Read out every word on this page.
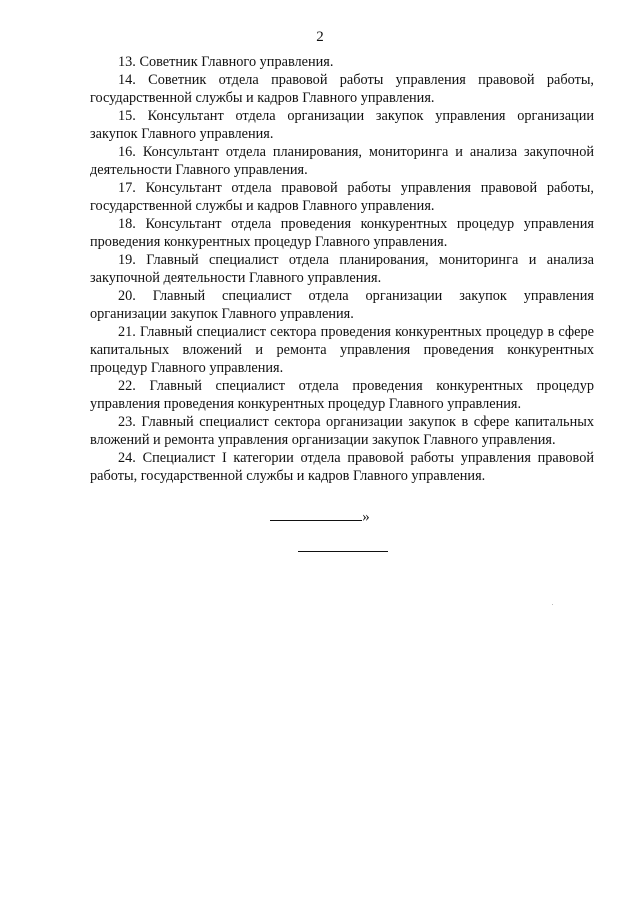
2

13. Советник Главного управления.

14. Советник отдела правовой работы управления правовой работы, государственной службы и кадров Главного управления.

15. Консультант отдела организации закупок управления организации закупок Главного управления.

16. Консультант отдела планирования, мониторинга и анализа закупочной деятельности Главного управления.

17. Консультант отдела правовой работы управления правовой работы, государственной службы и кадров Главного управления.

18. Консультант отдела проведения конкурентных процедур управления проведения конкурентных процедур Главного управления.

19. Главный специалист отдела планирования, мониторинга и анализа закупочной деятельности Главного управления.

20. Главный специалист отдела организации закупок управления организации закупок Главного управления.

21. Главный специалист сектора проведения конкурентных процедур в сфере капитальных вложений и ремонта управления проведения конкурентных процедур Главного управления.

22. Главный специалист отдела проведения конкурентных процедур управления проведения конкурентных процедур Главного управления.

23. Главный специалист сектора организации закупок в сфере капитальных вложений и ремонта управления организации закупок Главного управления.

24. Специалист I категории отдела правовой работы управления правовой работы, государственной службы и кадров Главного управления.

»
